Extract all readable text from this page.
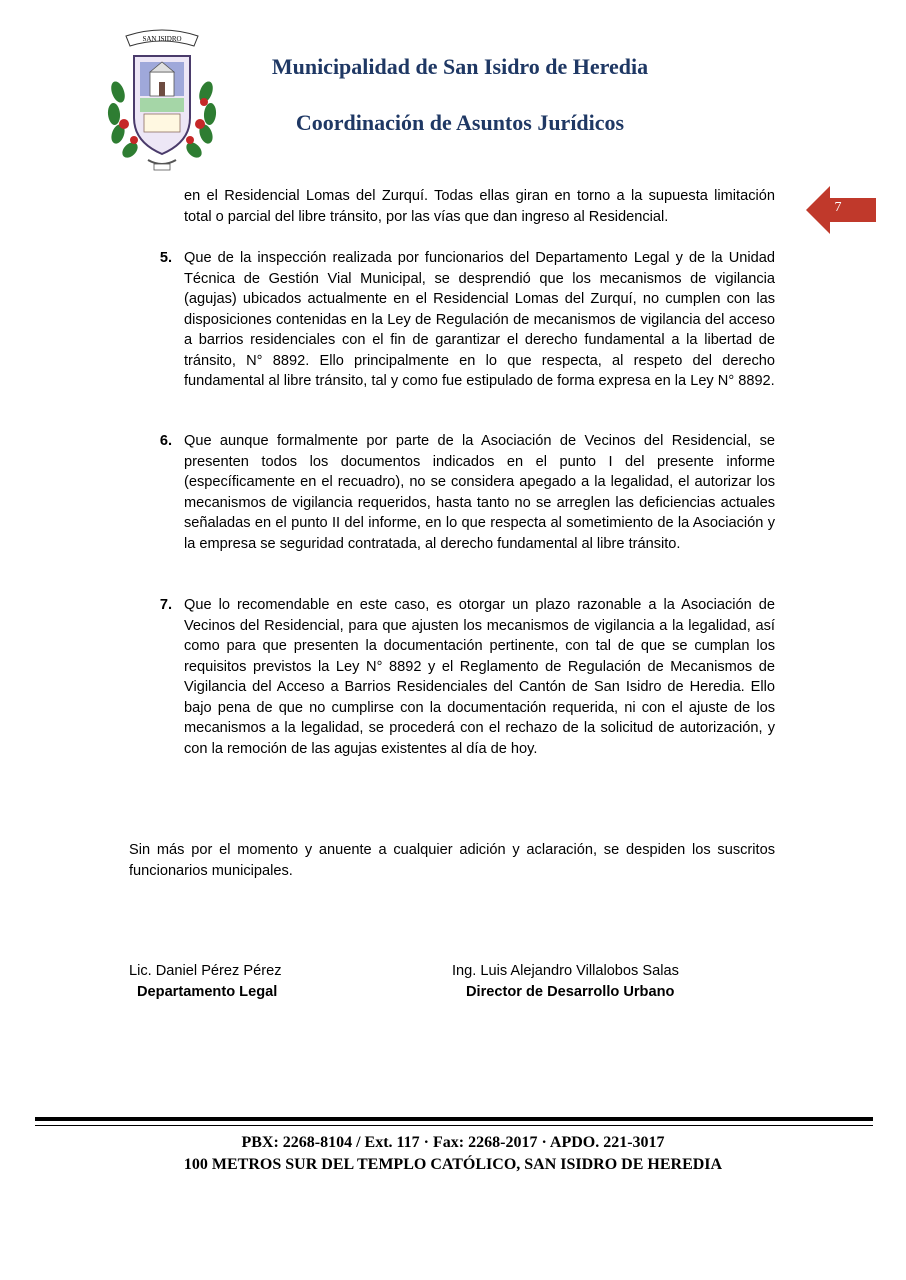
SAN ISIDRO
Municipalidad de San Isidro de Heredia
Coordinación de Asuntos Jurídicos
7
en el Residencial Lomas del Zurquí. Todas ellas giran en torno a la supuesta limitación total o parcial del libre tránsito, por las vías que dan ingreso al Residencial.
5. Que de la inspección realizada por funcionarios del Departamento Legal y de la Unidad Técnica de Gestión Vial Municipal, se desprendió que los mecanismos de vigilancia (agujas) ubicados actualmente en el Residencial Lomas del Zurquí, no cumplen con las disposiciones contenidas en la Ley de Regulación de mecanismos de vigilancia del acceso a barrios residenciales con el fin de garantizar el derecho fundamental a la libertad de tránsito, N° 8892. Ello principalmente en lo que respecta, al respeto del derecho fundamental al libre tránsito, tal y como fue estipulado de forma expresa en la Ley N° 8892.
6. Que aunque formalmente por parte de la Asociación de Vecinos del Residencial, se presenten todos los documentos indicados en el punto I del presente informe (específicamente en el recuadro), no se considera apegado a la legalidad, el autorizar los mecanismos de vigilancia requeridos, hasta tanto no se arreglen las deficiencias actuales señaladas en el punto II del informe, en lo que respecta al sometimiento de la Asociación y la empresa se seguridad contratada, al derecho fundamental al libre tránsito.
7. Que lo recomendable en este caso, es otorgar un plazo razonable a la Asociación de Vecinos del Residencial, para que ajusten los mecanismos de vigilancia a la legalidad, así como para que presenten la documentación pertinente, con tal de que se cumplan los requisitos previstos la Ley N° 8892 y el Reglamento de Regulación de Mecanismos de Vigilancia del Acceso a Barrios Residenciales del Cantón de San Isidro de Heredia. Ello bajo pena de que no cumplirse con la documentación requerida, ni con el ajuste de los mecanismos a la legalidad, se procederá con el rechazo de la solicitud de autorización, y con la remoción de las agujas existentes al día de hoy.
Sin más por el momento y anuente a cualquier adición y aclaración, se despiden los suscritos funcionarios municipales.
Lic. Daniel Pérez Pérez
Departamento Legal
Ing. Luis Alejandro Villalobos Salas
Director de Desarrollo Urbano
PBX: 2268-8104 / Ext. 117 · Fax: 2268-2017 · APDO. 221-3017
100 METROS SUR DEL TEMPLO CATÓLICO, SAN ISIDRO DE HEREDIA
